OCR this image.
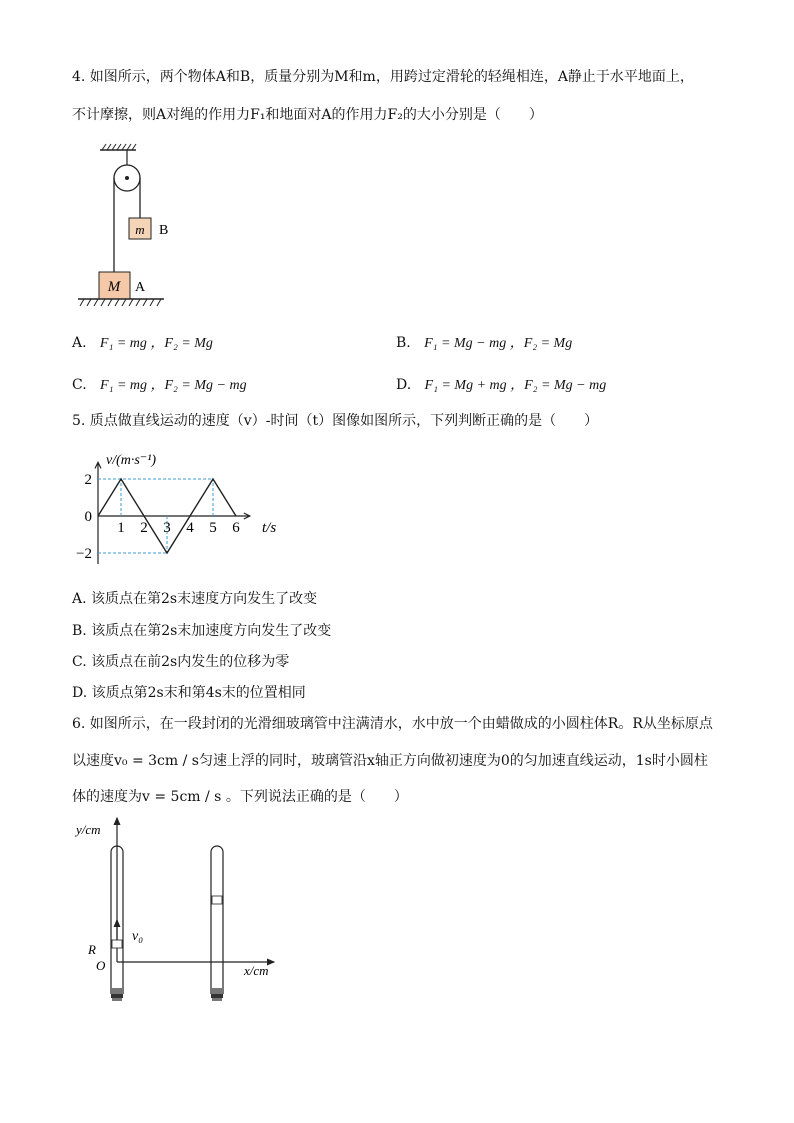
4. 如图所示，两个物体A和B，质量分别为M和m，用跨过定滑轮的轻绳相连，A静止于水平地面上，
不计摩擦，则A对绳的作用力F₁和地面对A的作用力F₂的大小分别是（　　）
m B
M A
A. F₁ = mg ，F₂ = Mg	B. F₁ = Mg − mg ，F₂ = Mg
C. F₁ = mg ，F₂ = Mg − mg	D. F₁ = Mg + mg ，F₂ = Mg − mg
5. 质点做直线运动的速度（v）-时间（t）图像如图所示，下列判断正确的是（　　）
1 2 3 4 5 6
2
0
−2
v/(m·s⁻¹)
t/s
A. 该质点在第2s末速度方向发生了改变
B. 该质点在第2s末加速度方向发生了改变
C. 该质点在前2s内发生的位移为零
D. 该质点第2s末和第4s末的位置相同
6. 如图所示，在一段封闭的光滑细玻璃管中注满清水，水中放一个由蜡做成的小圆柱体R。R从坐标原点
以速度v₀ = 3cm / s匀速上浮的同时，玻璃管沿x轴正方向做初速度为0的匀加速直线运动，1s时小圆柱
体的速度为v = 5cm / s 。下列说法正确的是（　　）
y/cm
x/cm
v₀
R
O
